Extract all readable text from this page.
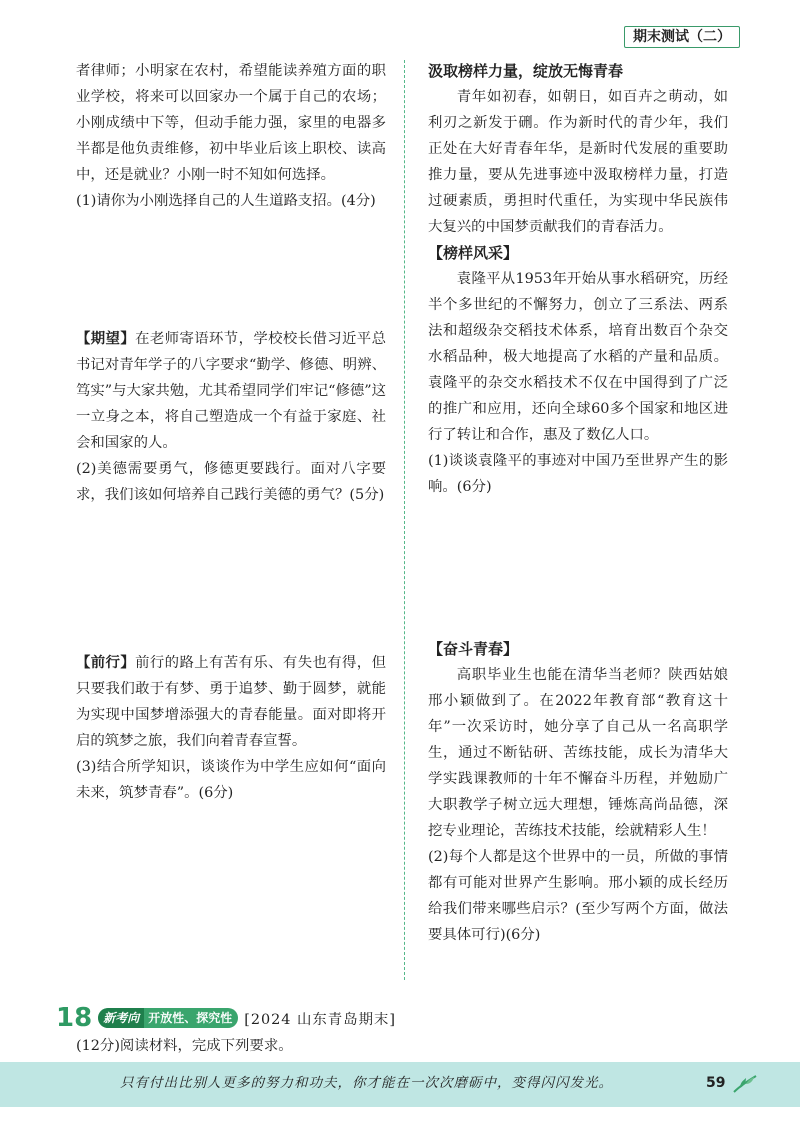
期末测试（二）

者律师；小明家在农村，希望能读养殖方面的职业学校，将来可以回家办一个属于自己的农场；小刚成绩中下等，但动手能力强，家里的电器多半都是他负责维修，初中毕业后该上职校、读高中，还是就业？小刚一时不知如何选择。

(1)请你为小刚选择自己的人生道路支招。(4分)

【期望】在老师寄语环节，学校校长借习近平总书记对青年学子的八字要求“勤学、修德、明辨、笃实”与大家共勉，尤其希望同学们牢记“修德”这一立身之本，将自己塑造成一个有益于家庭、社会和国家的人。

(2)美德需要勇气，修德更要践行。面对八字要求，我们该如何培养自己践行美德的勇气？(5分)

【前行】前行的路上有苦有乐、有失也有得，但只要我们敢于有梦、勇于追梦、勤于圆梦，就能为实现中国梦增添强大的青春能量。面对即将开启的筑梦之旅，我们向着青春宣誓。

(3)结合所学知识，谈谈作为中学生应如何“面向未来，筑梦青春”。(6分)

汲取榜样力量，绽放无悔青春

青年如初春，如朝日，如百卉之萌动，如利刃之新发于硎。作为新时代的青少年，我们正处在大好青春年华，是新时代发展的重要助推力量，要从先进事迹中汲取榜样力量，打造过硬素质，勇担时代重任，为实现中华民族伟大复兴的中国梦贡献我们的青春活力。

【榜样风采】

袁隆平从1953年开始从事水稻研究，历经半个多世纪的不懈努力，创立了三系法、两系法和超级杂交稻技术体系，培育出数百个杂交水稻品种，极大地提高了水稻的产量和品质。袁隆平的杂交水稻技术不仅在中国得到了广泛的推广和应用，还向全球60多个国家和地区进行了转让和合作，惠及了数亿人口。

(1)谈谈袁隆平的事迹对中国乃至世界产生的影响。(6分)

【奋斗青春】

高职毕业生也能在清华当老师？陕西姑娘邢小颖做到了。在2022年教育部“教育这十年”一次采访时，她分享了自己从一名高职学生，通过不断钻研、苦练技能，成长为清华大学实践课教师的十年不懈奋斗历程，并勉励广大职教学子树立远大理想，锤炼高尚品德，深挖专业理论，苦练技术技能，绘就精彩人生！

(2)每个人都是这个世界中的一员，所做的事情都有可能对世界产生影响。邢小颖的成长经历给我们带来哪些启示？(至少写两个方面，做法要具体可行)(6分)

18 新考向 开放性、探究性 [2024 山东青岛期末]
(12分)阅读材料，完成下列要求。
只有付出比别人更多的努力和功夫，你才能在一次次磨砺中，变得闪闪发光。	59
